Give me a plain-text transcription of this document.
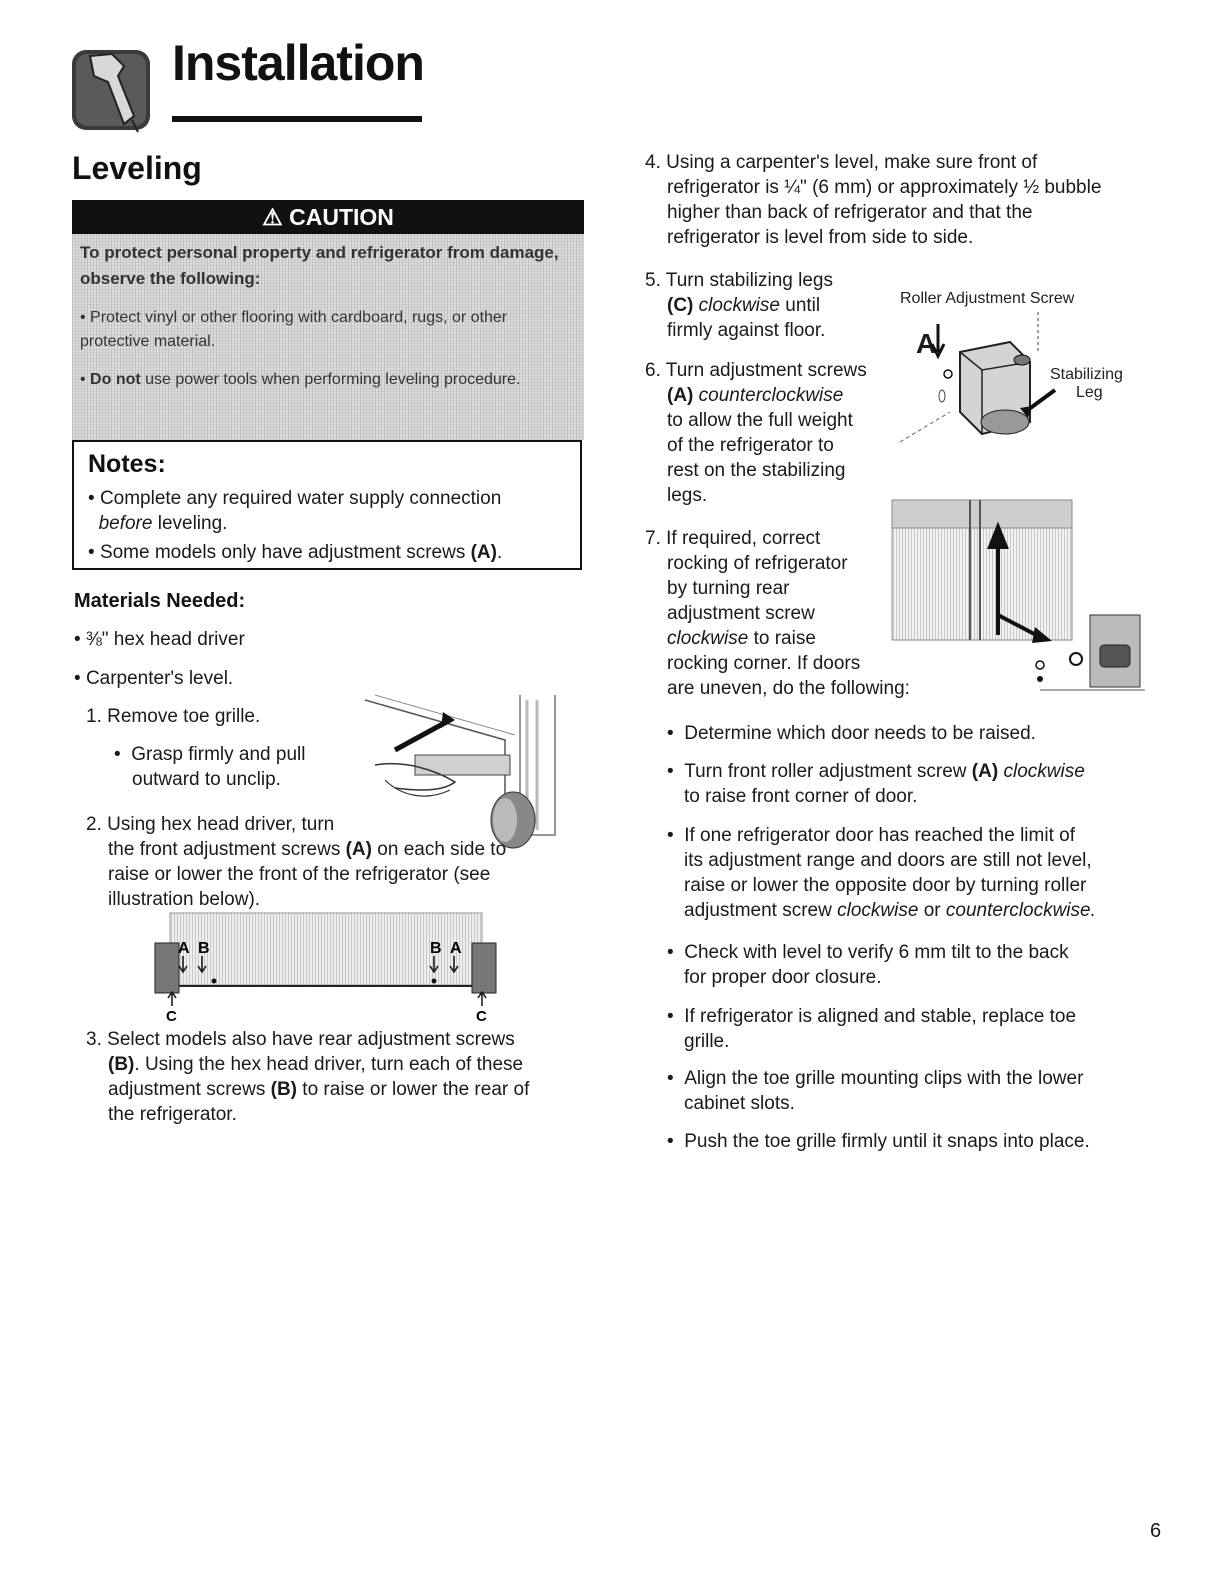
Installation
Leveling
⚠ CAUTION
To protect personal property and refrigerator from damage, observe the following:
• Protect vinyl or other flooring with cardboard, rugs, or other protective material.
• Do not use power tools when performing leveling procedure.
Notes:
• Complete any required water supply connection
before leveling.
• Some models only have adjustment screws (A).
Materials Needed:
• ⅜" hex head driver
• Carpenter's level.
1. Remove toe grille.
•  Grasp firmly and pull outward to unclip.
2. Using hex head driver, turn
the front adjustment screws (A) on each side to
raise or lower the front of the refrigerator (see
illustration below).
A B	B A
C	C
3. Select models also have rear adjustment screws
(B). Using the hex head driver, turn each of these
adjustment screws (B) to raise or lower the rear of
the refrigerator.
4. Using a carpenter's level, make sure front of
refrigerator is ¼" (6 mm) or approximately ½ bubble
higher than back of refrigerator and that the
refrigerator is level from side to side.
5. Turn stabilizing legs
(C) clockwise until
firmly against floor.
6. Turn adjustment screws
(A) counterclockwise
to allow the full weight
of the refrigerator to
rest on the stabilizing
legs.
Roller Adjustment Screw
A
Stabilizing
Leg
7. If required, correct
rocking of refrigerator
by turning rear
adjustment screw
clockwise to raise
rocking corner. If doors
are uneven, do the following:
•  Determine which door needs to be raised.
•  Turn front roller adjustment screw (A) clockwise
to raise front corner of door.
•  If one refrigerator door has reached the limit of
its adjustment range and doors are still not level,
raise or lower the opposite door by turning roller
adjustment screw clockwise or counterclockwise.
•  Check with level to verify 6 mm tilt to the back
for proper door closure.
•  If refrigerator is aligned and stable, replace toe
grille.
•  Align the toe grille mounting clips with the lower
cabinet slots.
•  Push the toe grille firmly until it snaps into place.
6
